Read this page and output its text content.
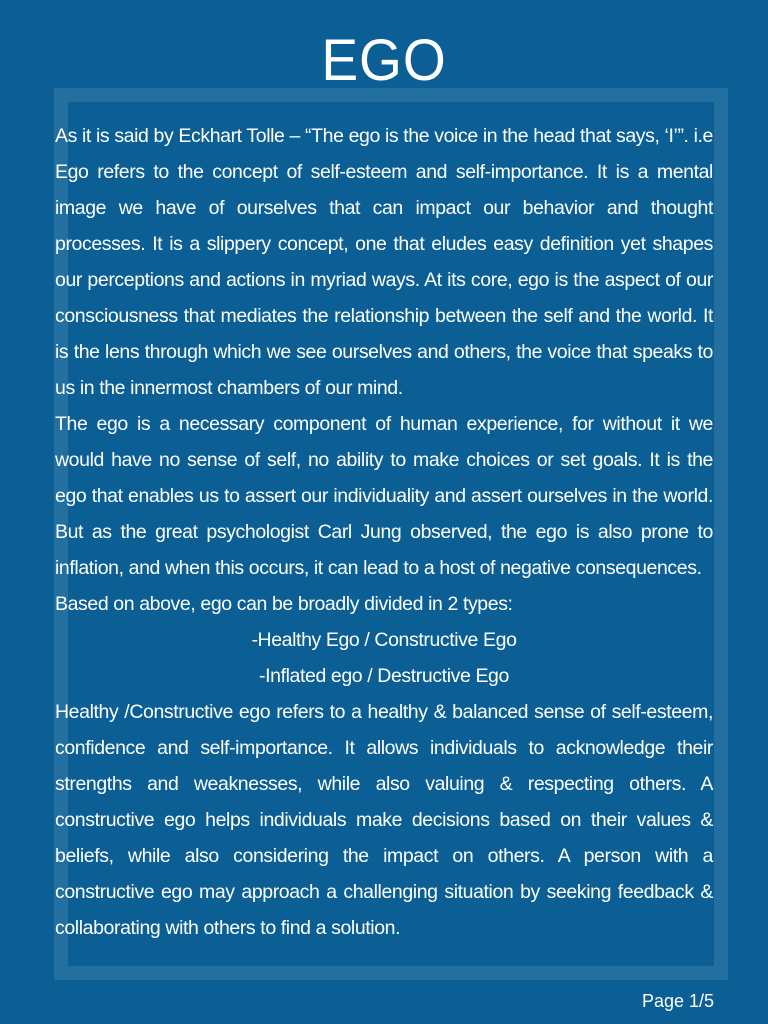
EGO

As it is said by Eckhart Tolle – “The ego is the voice in the head that says, ‘I’”. i.e Ego refers to the concept of self-esteem and self-importance. It is a mental image we have of ourselves that can impact our behavior and thought processes. It is a slippery concept, one that eludes easy definition yet shapes our perceptions and actions in myriad ways. At its core, ego is the aspect of our consciousness that mediates the relationship between the self and the world. It is the lens through which we see ourselves and others, the voice that speaks to us in the innermost chambers of our mind.

The ego is a necessary component of human experience, for without it we would have no sense of self, no ability to make choices or set goals. It is the ego that enables us to assert our individuality and assert ourselves in the world. But as the great psychologist Carl Jung observed, the ego is also prone to inflation, and when this occurs, it can lead to a host of negative consequences.

Based on above, ego can be broadly divided in 2 types:

-Healthy Ego / Constructive Ego

-Inflated ego / Destructive Ego

Healthy /Constructive ego refers to a healthy & balanced sense of self-esteem, confidence and self-importance. It allows individuals to acknowledge their strengths and weaknesses, while also valuing & respecting others. A constructive ego helps individuals make decisions based on their values & beliefs, while also considering the impact on others. A person with a constructive ego may approach a challenging situation by seeking feedback & collaborating with others to find a solution.

Page 1/5
